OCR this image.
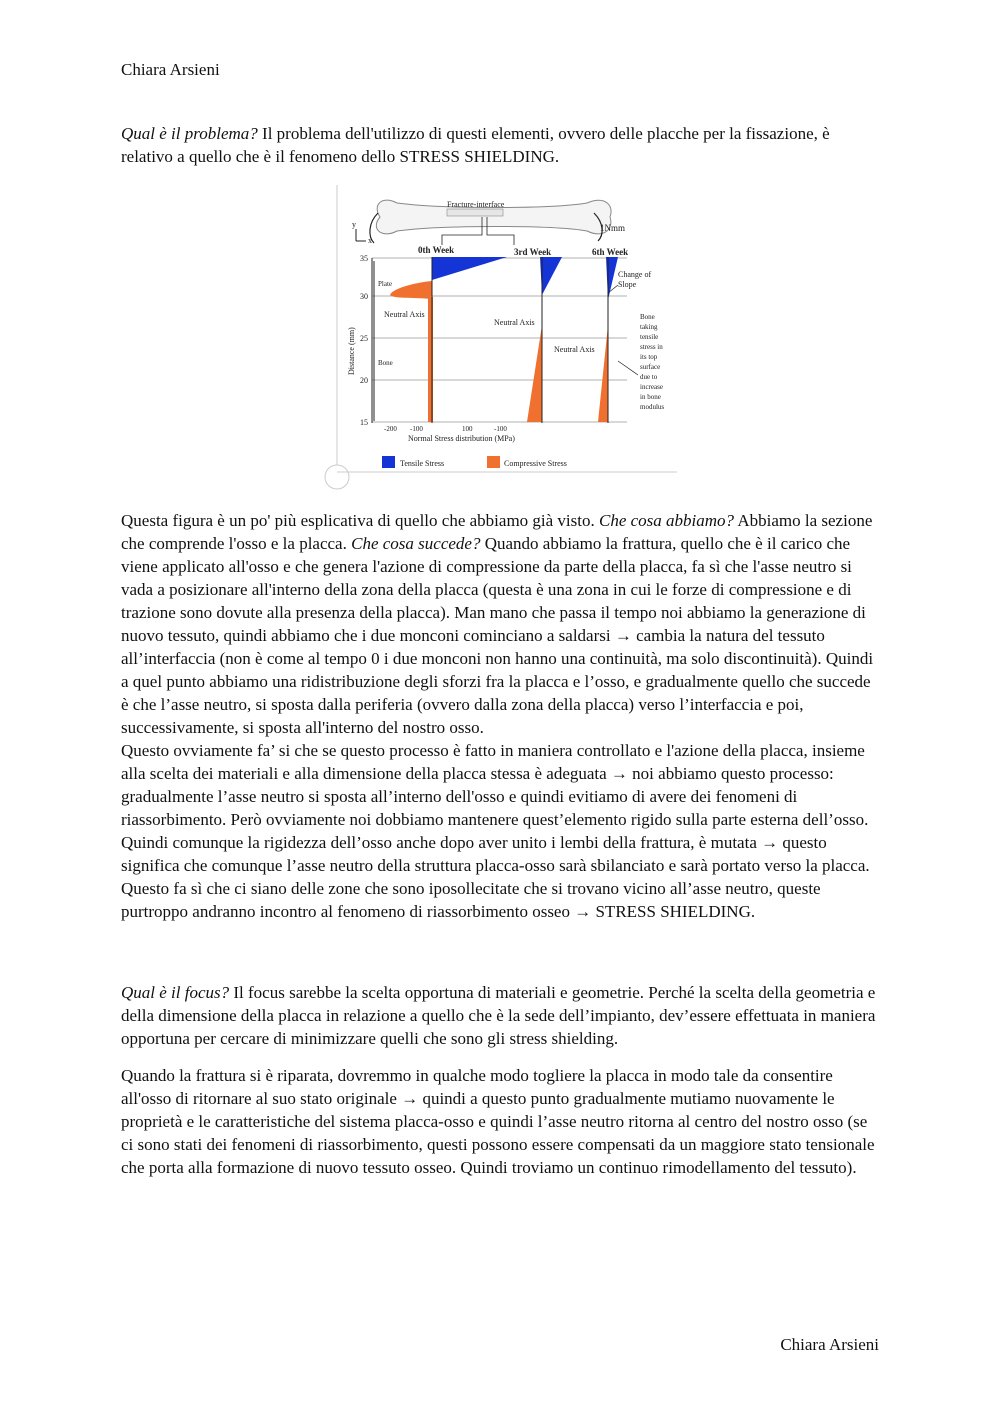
Chiara Arsieni

Qual è il problema? Il problema dell'utilizzo di questi elementi, ovvero delle placche per la fissazione, è relativo a quello che è il fenomeno dello STRESS SHIELDING.

Fracture-interface
1Nmm
y
x
0th Week	3rd Week	6th Week
35
30
25
20
15
Distance (mm)
Plate
Neutral Axis
Bone
Neutral Axis
Neutral Axis
Change of
Slope
Bone
taking
tensile
stress in
its top
surface
due to
increase
in bone
modulus
-200 -100	100	-100
Normal Stress distribution (MPa)
Tensile Stress	Compressive Stress

Questa figura è un po' più esplicativa di quello che abbiamo già visto. Che cosa abbiamo? Abbiamo la sezione che comprende l'osso e la placca. Che cosa succede? Quando abbiamo la frattura, quello che è il carico che viene applicato all'osso e che genera l'azione di compressione da parte della placca, fa sì che l'asse neutro si vada a posizionare all'interno della zona della placca (questa è una zona in cui le forze di compressione e di trazione sono dovute alla presenza della placca). Man mano che passa il tempo noi abbiamo la generazione di nuovo tessuto, quindi abbiamo che i due monconi cominciano a saldarsi → cambia la natura del tessuto all’interfaccia (non è come al tempo 0 i due monconi non hanno una continuità, ma solo discontinuità). Quindi a quel punto abbiamo una ridistribuzione degli sforzi fra la placca e l’osso, e gradualmente quello che succede è che l’asse neutro, si sposta dalla periferia (ovvero dalla zona della placca) verso l’interfaccia e poi, successivamente, si sposta all'interno del nostro osso.

Questo ovviamente fa’ si che se questo processo è fatto in maniera controllato e l'azione della placca, insieme alla scelta dei materiali e alla dimensione della placca stessa è adeguata → noi abbiamo questo processo: gradualmente l’asse neutro si sposta all’interno dell'osso e quindi evitiamo di avere dei fenomeni di riassorbimento. Però ovviamente noi dobbiamo mantenere quest’elemento rigido sulla parte esterna dell’osso. Quindi comunque la rigidezza dell’osso anche dopo aver unito i lembi della frattura, è mutata → questo significa che comunque l’asse neutro della struttura placca-osso sarà sbilanciato e sarà portato verso la placca. Questo fa sì che ci siano delle zone che sono iposollecitate che si trovano vicino all’asse neutro, queste purtroppo andranno incontro al fenomeno di riassorbimento osseo → STRESS SHIELDING.

Qual è il focus? Il focus sarebbe la scelta opportuna di materiali e geometrie. Perché la scelta della geometria e della dimensione della placca in relazione a quello che è la sede dell’impianto, dev’essere effettuata in maniera opportuna per cercare di minimizzare quelli che sono gli stress shielding.

Quando la frattura si è riparata, dovremmo in qualche modo togliere la placca in modo tale da consentire all'osso di ritornare al suo stato originale → quindi a questo punto gradualmente mutiamo nuovamente le proprietà e le caratteristiche del sistema placca-osso e quindi l’asse neutro ritorna al centro del nostro osso (se ci sono stati dei fenomeni di riassorbimento, questi possono essere compensati da un maggiore stato tensionale che porta alla formazione di nuovo tessuto osseo. Quindi troviamo un continuo rimodellamento del tessuto).

Chiara Arsieni
